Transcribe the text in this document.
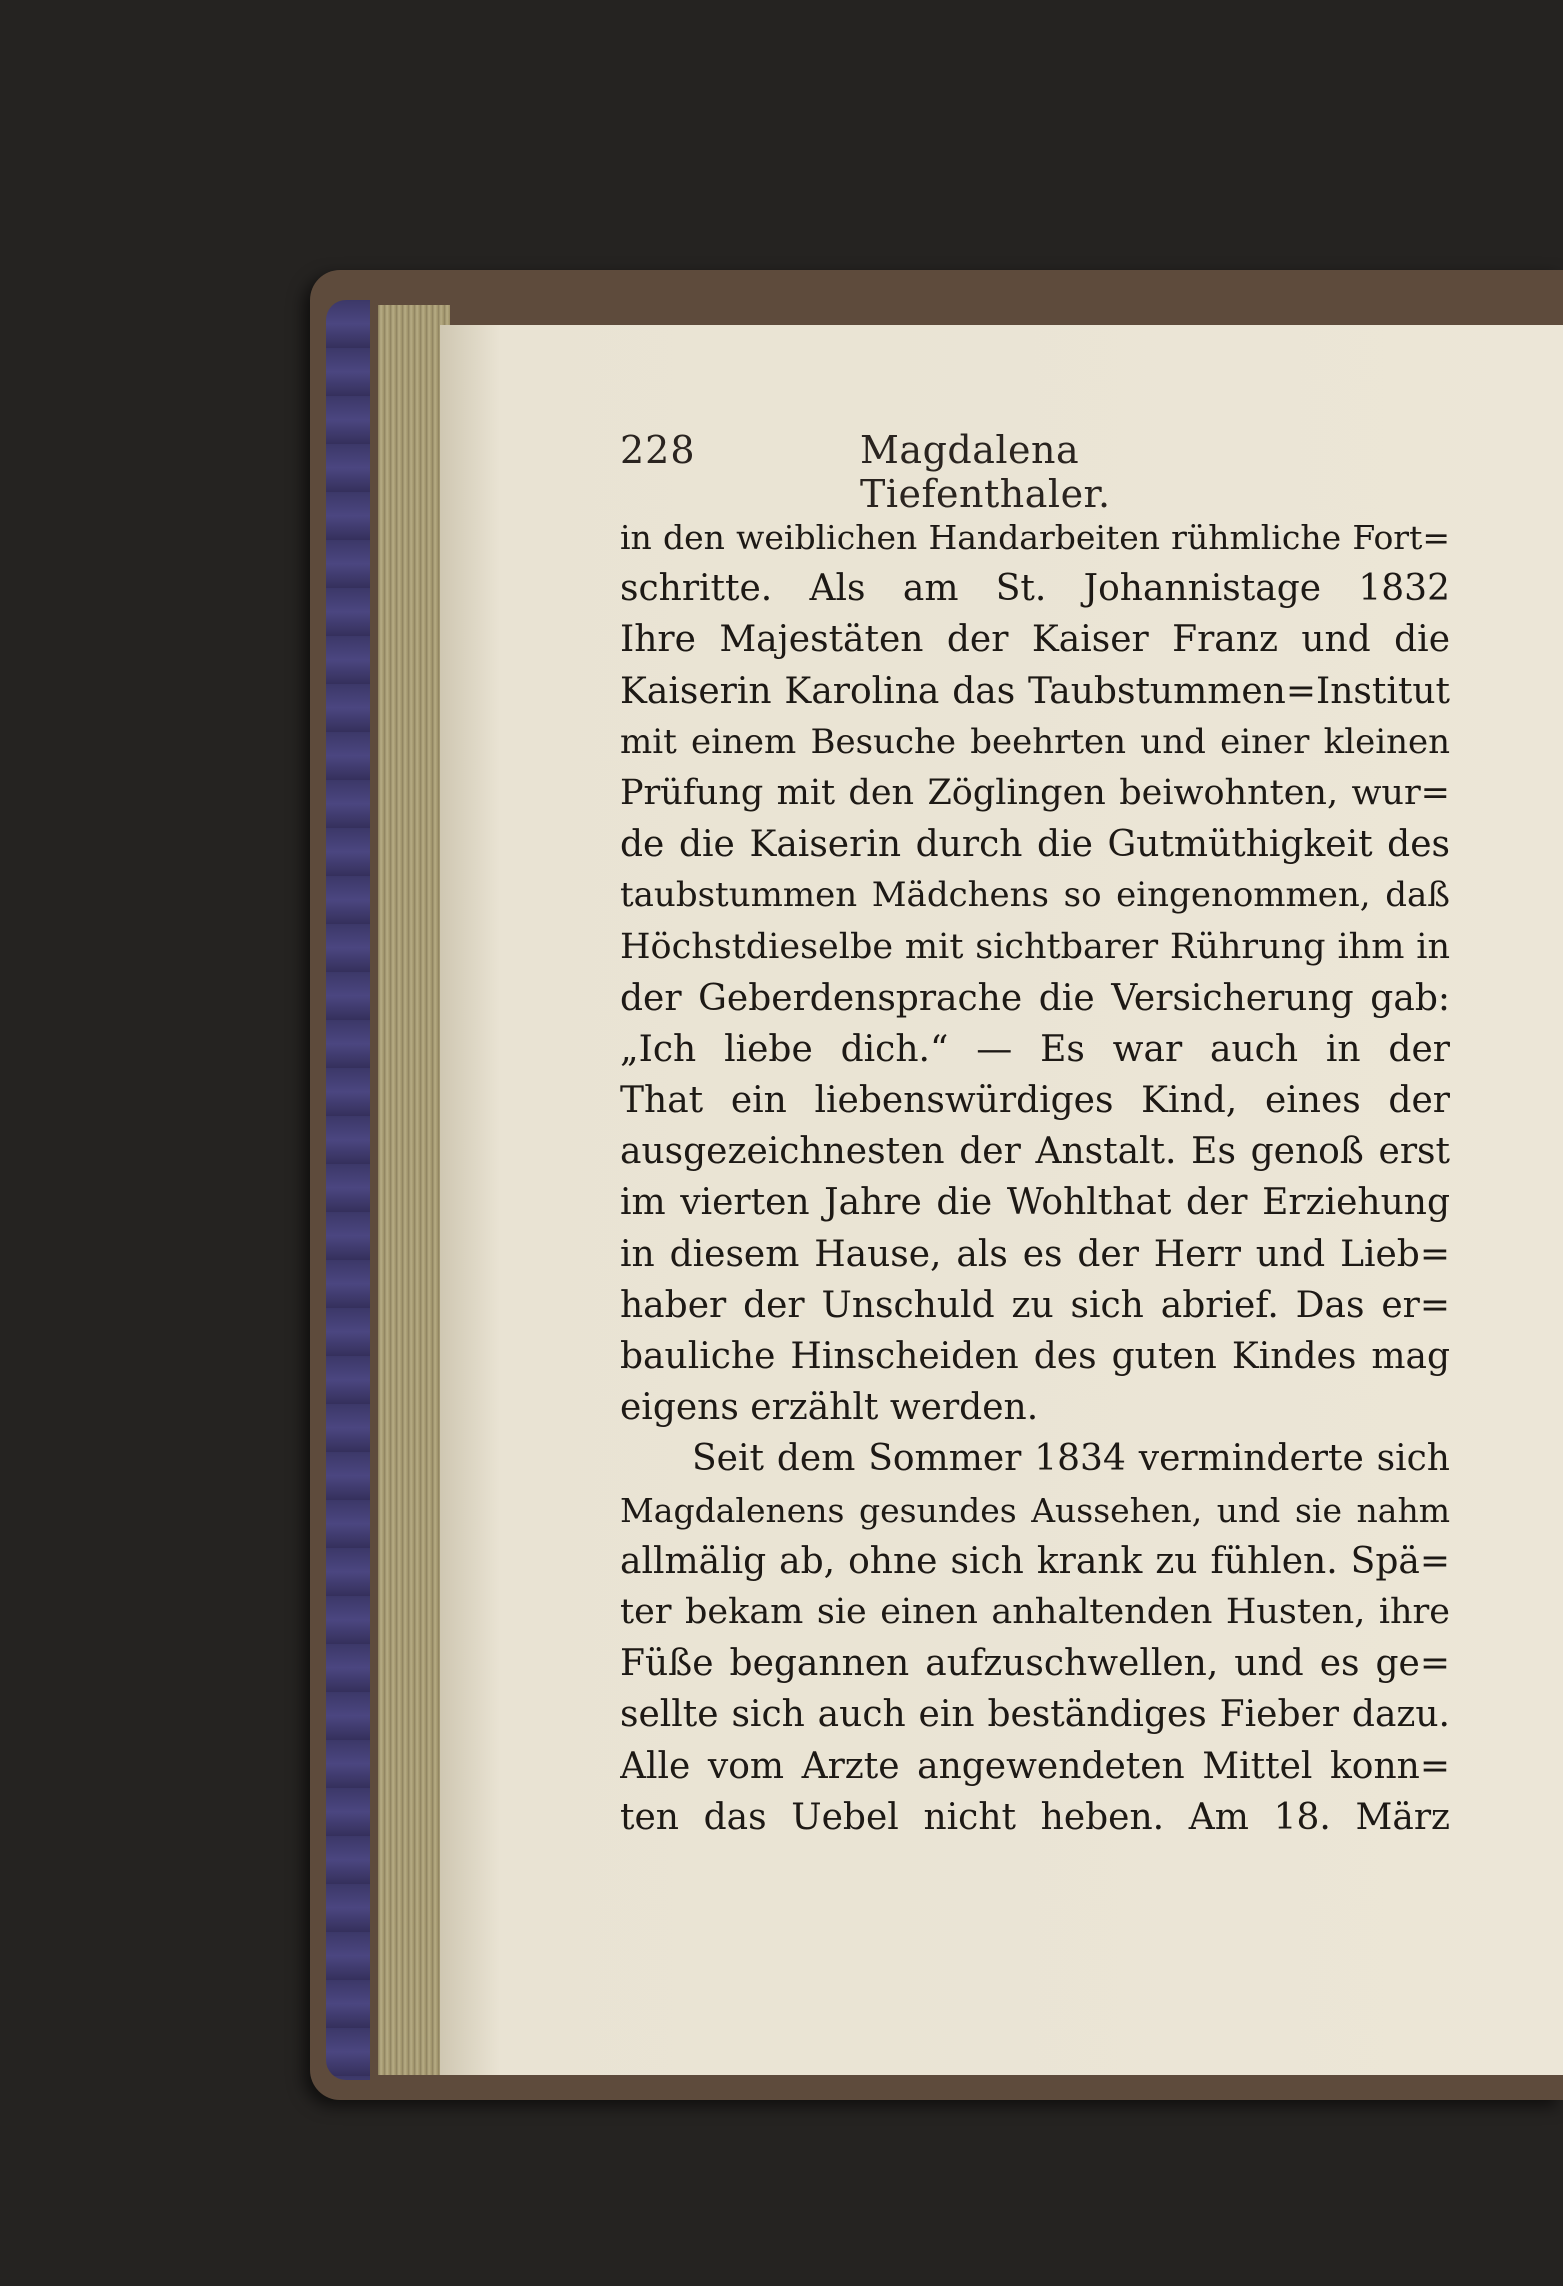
228	Magdalena Tiefenthaler.
in den weiblichen Handarbeiten rühmliche Fort=
schritte. Als am St. Johannistage 1832
Ihre Majestäten der Kaiser Franz und die
Kaiserin Karolina das Taubstummen=Institut
mit einem Besuche beehrten und einer kleinen
Prüfung mit den Zöglingen beiwohnten, wur=
de die Kaiserin durch die Gutmüthigkeit des
taubstummen Mädchens so eingenommen, daß
Höchstdieselbe mit sichtbarer Rührung ihm in
der Geberdensprache die Versicherung gab:
„Ich liebe dich.“ — Es war auch in der
That ein liebenswürdiges Kind, eines der
ausgezeichnesten der Anstalt. Es genoß erst
im vierten Jahre die Wohlthat der Erziehung
in diesem Hause, als es der Herr und Lieb=
haber der Unschuld zu sich abrief. Das er=
bauliche Hinscheiden des guten Kindes mag
eigens erzählt werden.
Seit dem Sommer 1834 verminderte sich
Magdalenens gesundes Aussehen, und sie nahm
allmälig ab, ohne sich krank zu fühlen. Spä=
ter bekam sie einen anhaltenden Husten, ihre
Füße begannen aufzuschwellen, und es ge=
sellte sich auch ein beständiges Fieber dazu.
Alle vom Arzte angewendeten Mittel konn=
ten das Uebel nicht heben. Am 18. März
